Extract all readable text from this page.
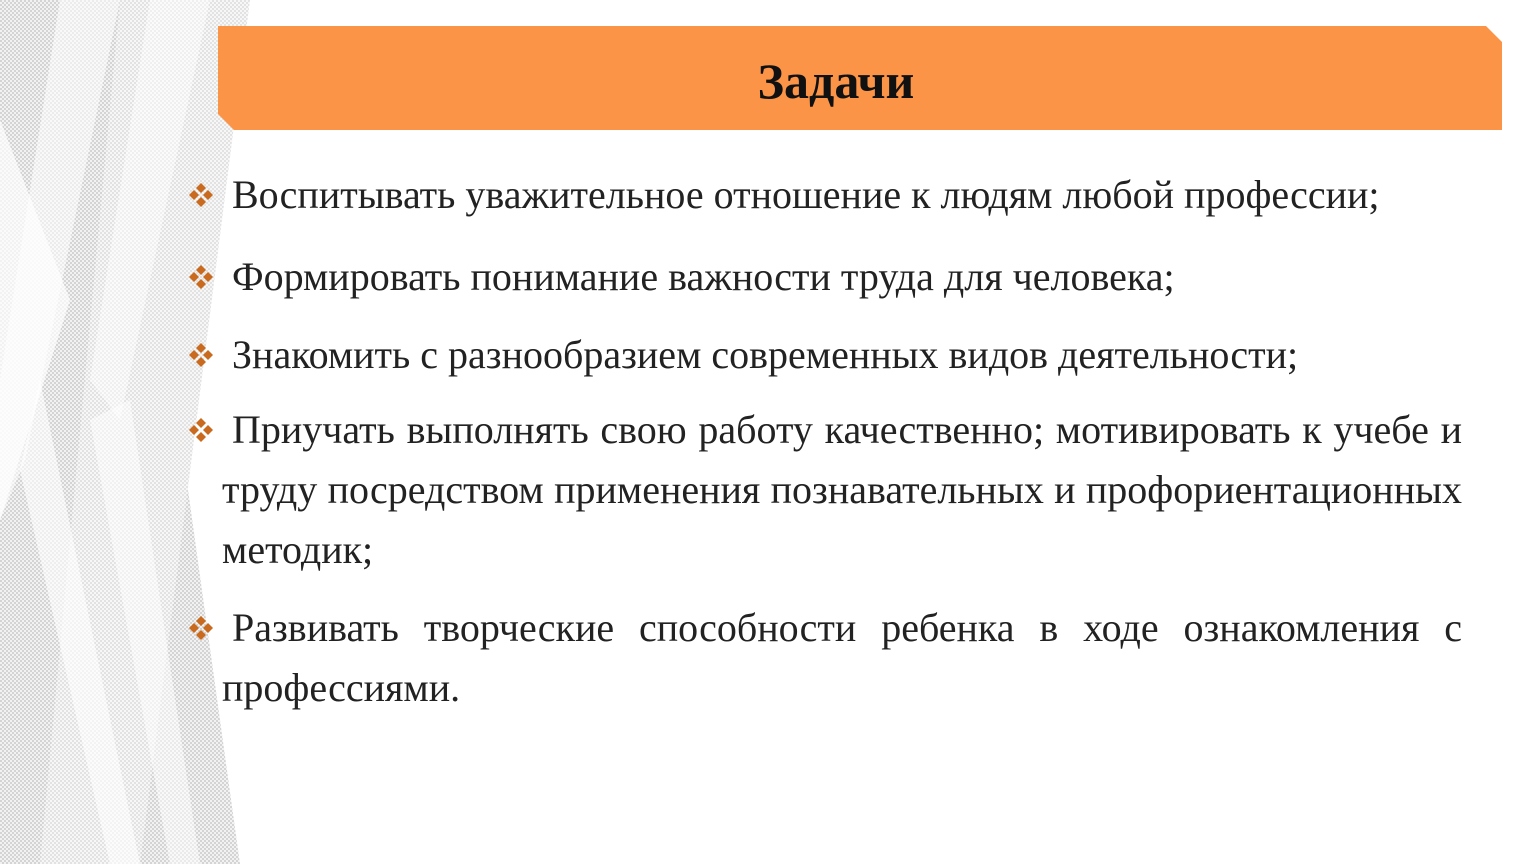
Задачи

Воспитывать уважительное отношение к людям любой профессии;

Формировать понимание важности труда для человека;

Знакомить с разнообразием современных видов деятельности;

Приучать выполнять свою работу качественно; мотивировать к учебе и труду посредством применения познавательных и профориентационных методик;

Развивать творческие способности ребенка в ходе ознакомления с профессиями.
